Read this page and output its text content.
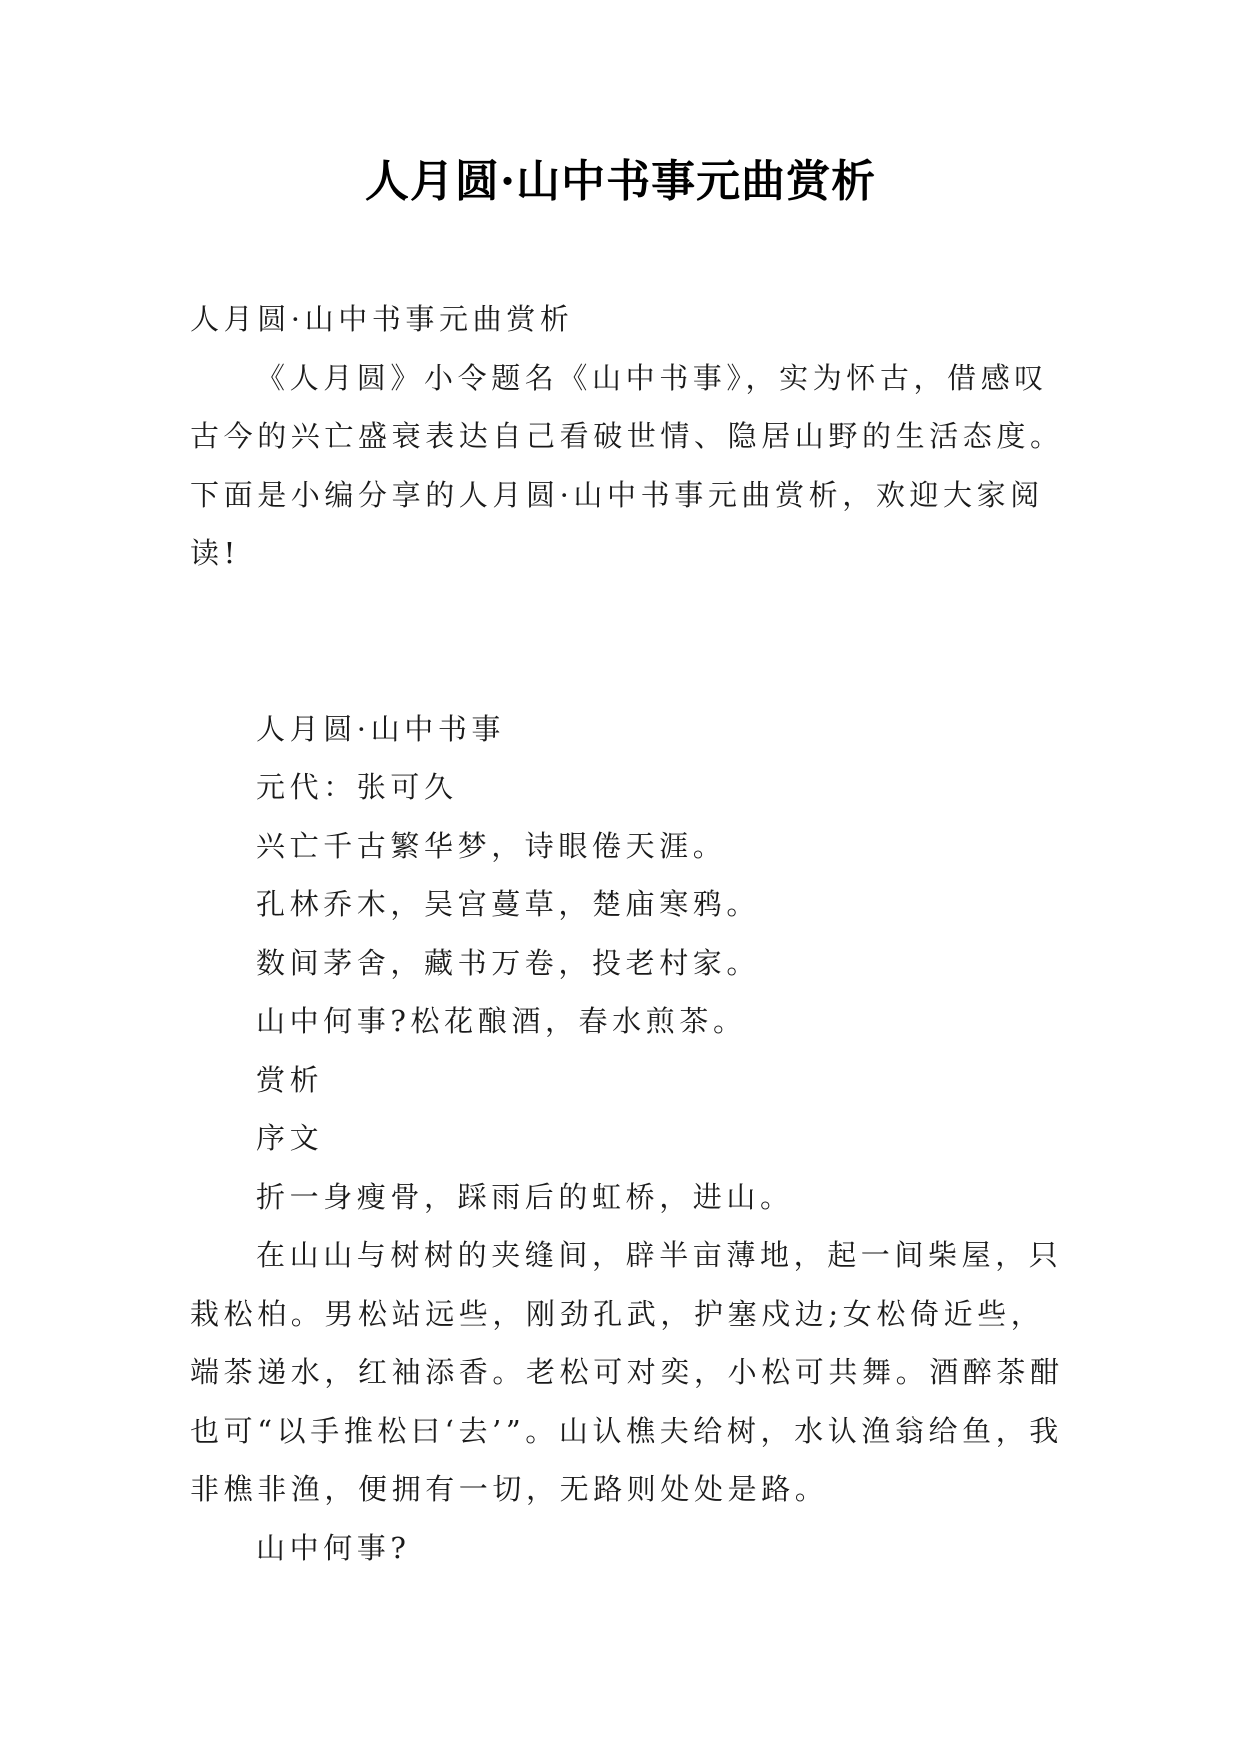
人月圆·山中书事元曲赏析

人月圆·山中书事元曲赏析

《人月圆》小令题名《山中书事》，实为怀古，借感叹古今的兴亡盛衰表达自己看破世情、隐居山野的生活态度。下面是小编分享的人月圆·山中书事元曲赏析，欢迎大家阅读!

人月圆·山中书事

元代：张可久

兴亡千古繁华梦，诗眼倦天涯。

孔林乔木，吴宫蔓草，楚庙寒鸦。

数间茅舍，藏书万卷，投老村家。

山中何事?松花酿酒，春水煎茶。

赏析

序文

折一身瘦骨，踩雨后的虹桥，进山。

在山山与树树的夹缝间，辟半亩薄地，起一间柴屋，只栽松柏。男松站远些，刚劲孔武，护塞戍边;女松倚近些，端茶递水，红袖添香。老松可对奕，小松可共舞。酒醉茶酣也可“以手推松曰‘去’”。山认樵夫给树，水认渔翁给鱼，我非樵非渔，便拥有一切，无路则处处是路。

山中何事?
